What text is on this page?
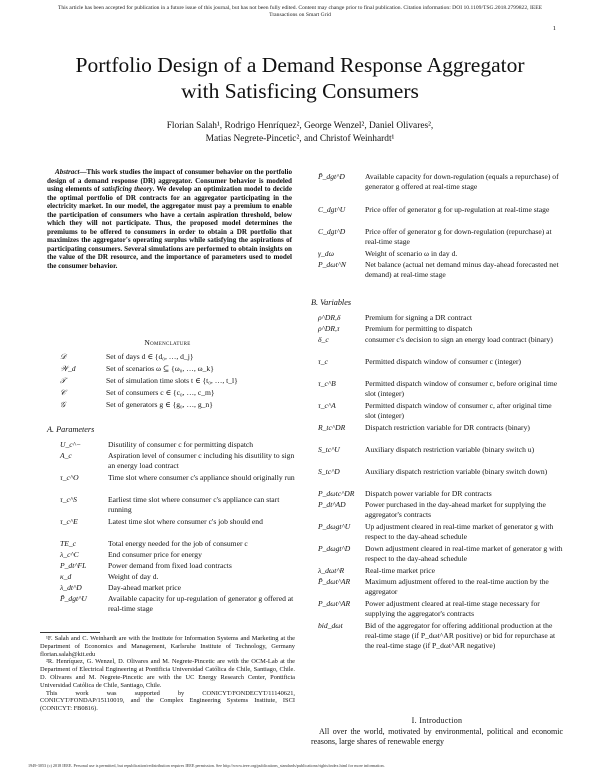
This article has been accepted for publication in a future issue of this journal, but has not been fully edited. Content may change prior to final publication. Citation information: DOI 10.1109/TSG.2018.2799822, IEEE
Transactions on Smart Grid
1
Portfolio Design of a Demand Response Aggregator
with Satisficing Consumers
Florian Salah¹, Rodrigo Henríquez², George Wenzel², Daniel Olivares²,
Matias Negrete-Pincetic², and Christof Weinhardt¹

Abstract—This work studies the impact of consumer behavior on the portfolio design of a demand response (DR) aggregator. Consumer behavior is modeled using elements of satisficing theory. We develop an optimization model to decide the optimal portfolio of DR contracts for an aggregator participating in the electricity market. In our model, the aggregator must pay a premium to enable the participation of consumers who have a certain aspiration threshold, below which they will not participate. Thus, the proposed model determines the premiums to be offered to consumers in order to obtain a DR portfolio that maximizes the aggregator's operating surplus while satisfying the aspirations of participating consumers. Several simulations are performed to obtain insights on the value of the DR resource, and the importance of parameters used to model the consumer behavior.

Nomenclature
𝒟	Set of days d ∈ {d₀, …, d_j}
𝒲_d	Set of scenarios ω ⊆ {ω₀, …, ω_k}
𝒯	Set of simulation time slots t ∈ {t₀, …, t_l}
𝒞	Set of consumers c ∈ {c₀, …, c_m}
𝒢	Set of generators g ∈ {g₀, …, g_n}
A. Parameters
U_c^−	Disutility of consumer c for permitting dispatch
A_c	Aspiration level of consumer c including his disutility to sign an energy load contract
τ_c^O	Time slot where consumer c's appliance should originally run
τ_c^S	Earliest time slot where consumer c's appliance can start running
τ_c^E	Latest time slot where consumer c's job should end
TE_c	Total energy needed for the job of consumer c
λ_c^C	End consumer price for energy
P_dt^FL	Power demand from fixed load contracts
κ_d	Weight of day d.
λ_dt^D	Day-ahead market price
P̄_dgt^U	Available capacity for up-regulation of generator g offered at real-time stage

¹F. Salah and C. Weinhardt are with the Institute for Information Systems and Marketing at the Department of Economics and Management, Karlsruhe Institute of Technology, Germany florian.salah@kit.edu

²R. Henríquez, G. Wenzel, D. Olivares and M. Negrete-Pincetic are with the OCM-Lab at the Department of Electrical Engineering at Pontificia Universidad Católica de Chile, Santiago, Chile. D. Olivares and M. Negrete-Pincetic are with the UC Energy Research Center, Pontificia Universidad Católica de Chile, Santiago, Chile.

This work was supported by CONICYT/FONDECYT/11140621, CONICYT/FONDAP/15110019, and the Complex Engineering Systems Institute, ISCI (CONICYT: FB0816).

P̄_dgt^D	Available capacity for down-regulation (equals a repurchase) of generator g offered at real-time stage
C_dgt^U	Price offer of generator g for up-regulation at real-time stage
C_dgt^D	Price offer of generator g for down-regulation (repurchase) at real-time stage
γ_dω	Weight of scenario ω in day d.
P_dωt^N	Net balance (actual net demand minus day-ahead forecasted net demand) at real-time stage
B. Variables
ρ^DR,δ	Premium for signing a DR contract
ρ^DR,τ	Premium for permitting to dispatch
δ_c	consumer c's decision to sign an energy load contract (binary)
τ_c	Permitted dispatch window of consumer c (integer)
τ_c^B	Permitted dispatch window of consumer c, before original time slot (integer)
τ_c^A	Permitted dispatch window of consumer c, after original time slot (integer)
R_tc^DR	Dispatch restriction variable for DR contracts (binary)
S_tc^U	Auxiliary dispatch restriction variable (binary switch u)
S_tc^D	Auxiliary dispatch restriction variable (binary switch down)
P_dωtc^DR	Dispatch power variable for DR contracts
P_dt^AD	Power purchased in the day-ahead market for supplying the aggregator's contracts
P_dωgt^U	Up adjustment cleared in real-time market of generator g with respect to the day-ahead schedule
P_dωgt^D	Down adjustment cleared in real-time market of generator g with respect to the day-ahead schedule
λ_dωt^R	Real-time market price
P̄_dωt^AR	Maximum adjustment offered to the real-time auction by the aggregator
P_dωt^AR	Power adjustment cleared at real-time stage necessary for supplying the aggregator's contracts
bid_dωt	Bid of the aggregator for offering additional production at the real-time stage (if P_dωt^AR positive) or bid for repurchase at the real-time stage (if P_dωt^AR negative)
I. Introduction

All over the world, motivated by environmental, political and economic reasons, large shares of renewable energy

1949-3053 (c) 2018 IEEE. Personal use is permitted, but republication/redistribution requires IEEE permission. See http://www.ieee.org/publications_standards/publications/rights/index.html for more information.
